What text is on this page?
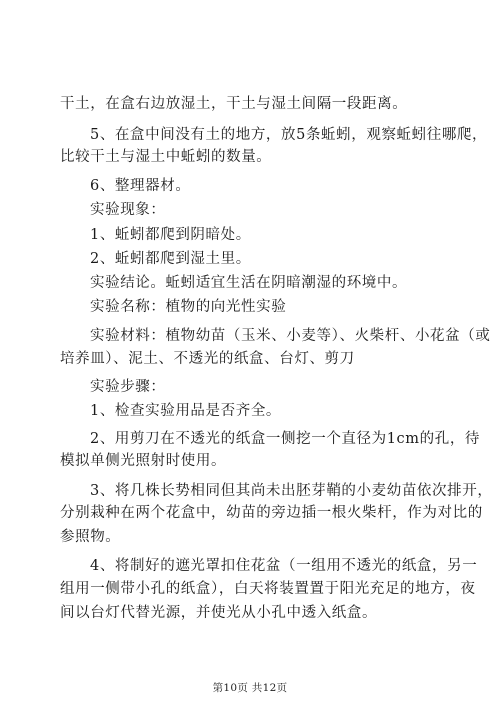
干土，在盒右边放湿土，干土与湿土间隔一段距离。
5、在盒中间没有土的地方，放5条蚯蚓，观察蚯蚓往哪爬，
比较干土与湿土中蚯蚓的数量。
6、整理器材。
实验现象：
1、蚯蚓都爬到阴暗处。
2、蚯蚓都爬到湿土里。
实验结论。蚯蚓适宜生活在阴暗潮湿的环境中。
实验名称：植物的向光性实验
实验材料：植物幼苗（玉米、小麦等）、火柴杆、小花盆（或
培养皿）、泥土、不透光的纸盒、台灯、剪刀
实验步骤：
1、检查实验用品是否齐全。
2、用剪刀在不透光的纸盒一侧挖一个直径为1cm的孔，待
模拟单侧光照射时使用。
3、将几株长势相同但其尚未出胚芽鞘的小麦幼苗依次排开，
分别栽种在两个花盒中，幼苗的旁边插一根火柴杆，作为对比的
参照物。
4、将制好的遮光罩扣住花盆（一组用不透光的纸盒，另一
组用一侧带小孔的纸盒），白天将装置置于阳光充足的地方，夜
间以台灯代替光源，并使光从小孔中透入纸盒。
第10页 共12页
